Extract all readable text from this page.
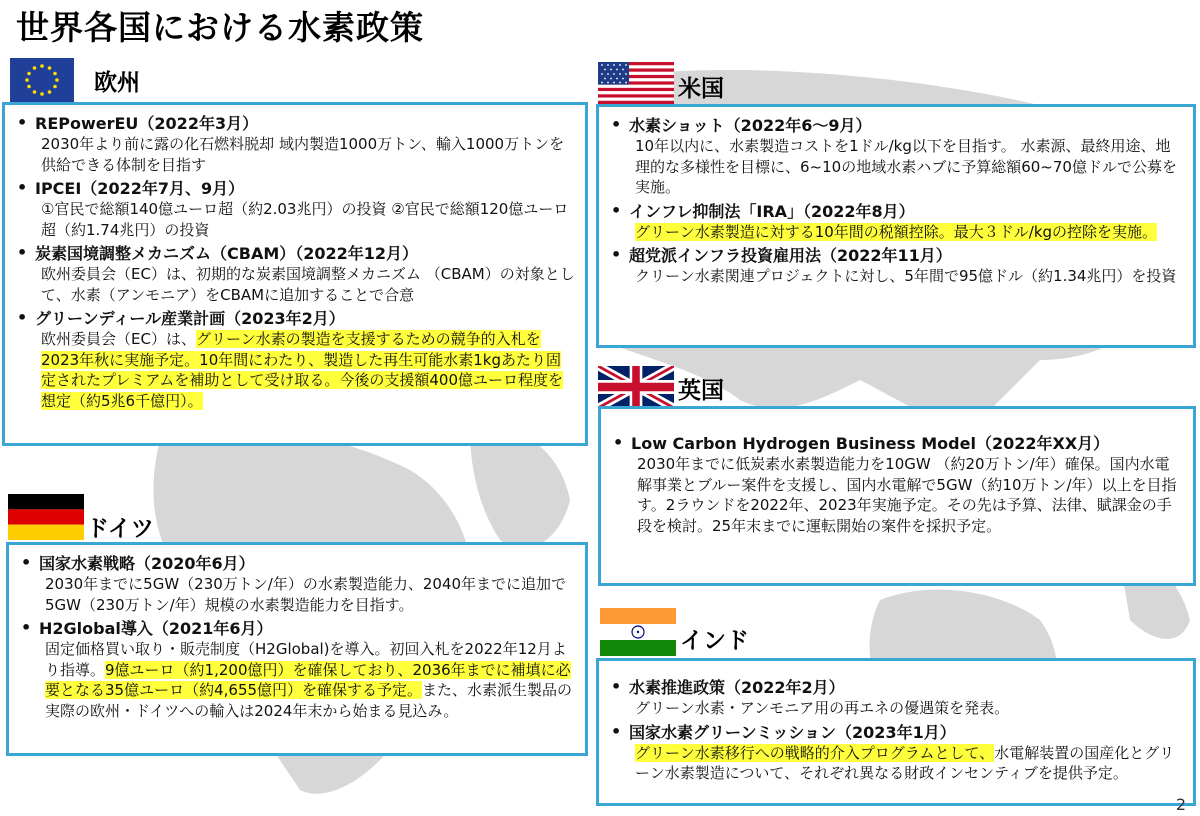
世界各国における水素政策
欧州
• REPowerEU（2022年3月）
2030年より前に露の化石燃料脱却 域内製造1000万トン、輸入1000万トンを供給できる体制を目指す
• IPCEI（2022年7月、9月）
①官民で総額140億ユーロ超（約2.03兆円）の投資 ②官民で総額120億ユーロ超（約1.74兆円）の投資
• 炭素国境調整メカニズム（CBAM）（2022年12月）
欧州委員会（EC）は、初期的な炭素国境調整メカニズム （CBAM）の対象として、水素（アンモニア）をCBAMに追加することで合意
• グリーンディール産業計画（2023年2月）
欧州委員会（EC）は、グリーン水素の製造を支援するための競争的入札を2023年秋に実施予定。10年間にわたり、製造した再生可能水素1kgあたり固定されたプレミアムを補助として受け取る。今後の支援額400億ユーロ程度を想定（約5兆6千億円）。
ドイツ
• 国家水素戦略（2020年6月）
2030年までに5GW（230万トン/年）の水素製造能力、2040年までに追加で5GW（230万トン/年）規模の水素製造能力を目指す。
• H2Global導入（2021年6月）
固定価格買い取り・販売制度（H2Global)を導入。初回入札を2022年12月より指導。9億ユーロ（約1,200億円）を確保しており、2036年までに補填に必要となる35億ユーロ（約4,655億円）を確保する予定。また、水素派生製品の実際の欧州・ドイツへの輸入は2024年末から始まる見込み。
米国
• 水素ショット（2022年6～9月）
10年以内に、水素製造コストを1ドル/kg以下を目指す。 水素源、最終用途、地理的な多様性を目標に、6~10の地域水素ハブに予算総額60~70億ドルで公募を実施。
• インフレ抑制法「IRA」（2022年8月）
グリーン水素製造に対する10年間の税額控除。最大３ドル/kgの控除を実施。
• 超党派インフラ投資雇用法（2022年11月）
クリーン水素関連プロジェクトに対し、5年間で95億ドル（約1.34兆円）を投資
英国
• Low Carbon Hydrogen Business Model（2022年XX月）
2030年までに低炭素水素製造能力を10GW （約20万トン/年）確保。国内水電解事業とブルー案件を支援し、国内水電解で5GW（約10万トン/年）以上を目指す。2ラウンドを2022年、2023年実施予定。その先は予算、法律、賦課金の手段を検討。25年末までに運転開始の案件を採択予定。
インド
• 水素推進政策（2022年2月）
グリーン水素・アンモニア用の再エネの優遇策を発表。
• 国家水素グリーンミッション（2023年1月）
グリーン水素移行への戦略的介入プログラムとして、水電解装置の国産化とグリーン水素製造について、それぞれ異なる財政インセンティブを提供予定。
2
